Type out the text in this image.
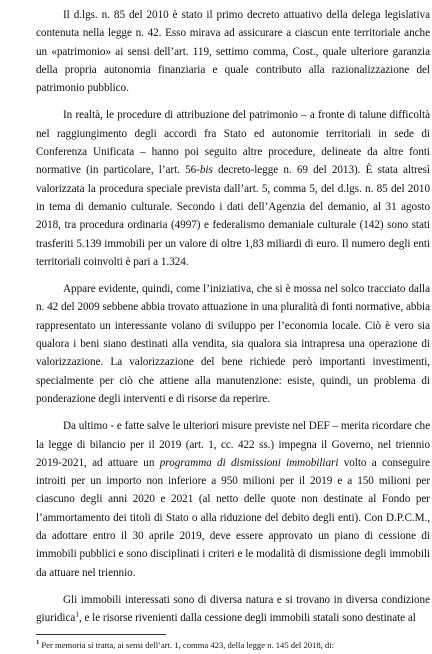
Il d.lgs. n. 85 del 2010 è stato il primo decreto attuativo della delega legislativa contenuta nella legge n. 42. Esso mirava ad assicurare a ciascun ente territoriale anche un «patrimonio» ai sensi dell’art. 119, settimo comma, Cost., quale ulteriore garanzia della propria autonomia finanziaria e quale contributo alla razionalizzazione del patrimonio pubblico.

In realtà, le procedure di attribuzione del patrimonio – a fronte di talune difficoltà nel raggiungimento degli accordi fra Stato ed autonomie territoriali in sede di Conferenza Unificata – hanno poi seguito altre procedure, delineate da altre fonti normative (in particolare, l’art. 56-bis decreto-legge n. 69 del 2013). È stata altresì valorizzata la procedura speciale prevista dall’art. 5, comma 5, del d.lgs. n. 85 del 2010 in tema di demanio culturale. Secondo i dati dell’Agenzia del demanio, al 31 agosto 2018, tra procedura ordinaria (4997) e federalismo demaniale culturale (142) sono stati trasferiti 5.139 immobili per un valore di oltre 1,83 miliardi di euro. Il numero degli enti territoriali coinvolti è pari a 1.324.

Appare evidente, quindi, come l’iniziativa, che si è mossa nel solco tracciato dalla n. 42 del 2009 sebbene abbia trovato attuazione in una pluralità di fonti normative, abbia rappresentato un interessante volano di sviluppo per l’economia locale. Ciò è vero sia qualora i beni siano destinati alla vendita, sia qualora sia intrapresa una operazione di valorizzazione. La valorizzazione del bene richiede però importanti investimenti, specialmente per ciò che attiene alla manutenzione: esiste, quindi, un problema di ponderazione degli interventi e di risorse da reperire.

Da ultimo - e fatte salve le ulteriori misure previste nel DEF – merita ricordare che la legge di bilancio per il 2019 (art. 1, cc. 422 ss.) impegna il Governo, nel triennio 2019-2021, ad attuare un programma di dismissioni immobiliari volto a conseguire introiti per un importo non inferiore a 950 milioni per il 2019 e a 150 milioni per ciascuno degli anni 2020 e 2021 (al netto delle quote non destinate al Fondo per l’ammortamento dei titoli di Stato o alla riduzione del debito degli enti). Con D.P.C.M., da adottare entro il 30 aprile 2019, deve essere approvato un piano di cessione di immobili pubblici e sono disciplinati i criteri e le modalità di dismissione degli immobili da attuare nel triennio.

Gli immobili interessati sono di diversa natura e si trovano in diversa condizione giuridica$^1$, e le risorse rivenienti dalla cessione degli immobili statali sono destinate al

$^1$ Per memoria si tratta, ai sensi dell’art. 1, comma 423, della legge n. 145 del 2018, di:
